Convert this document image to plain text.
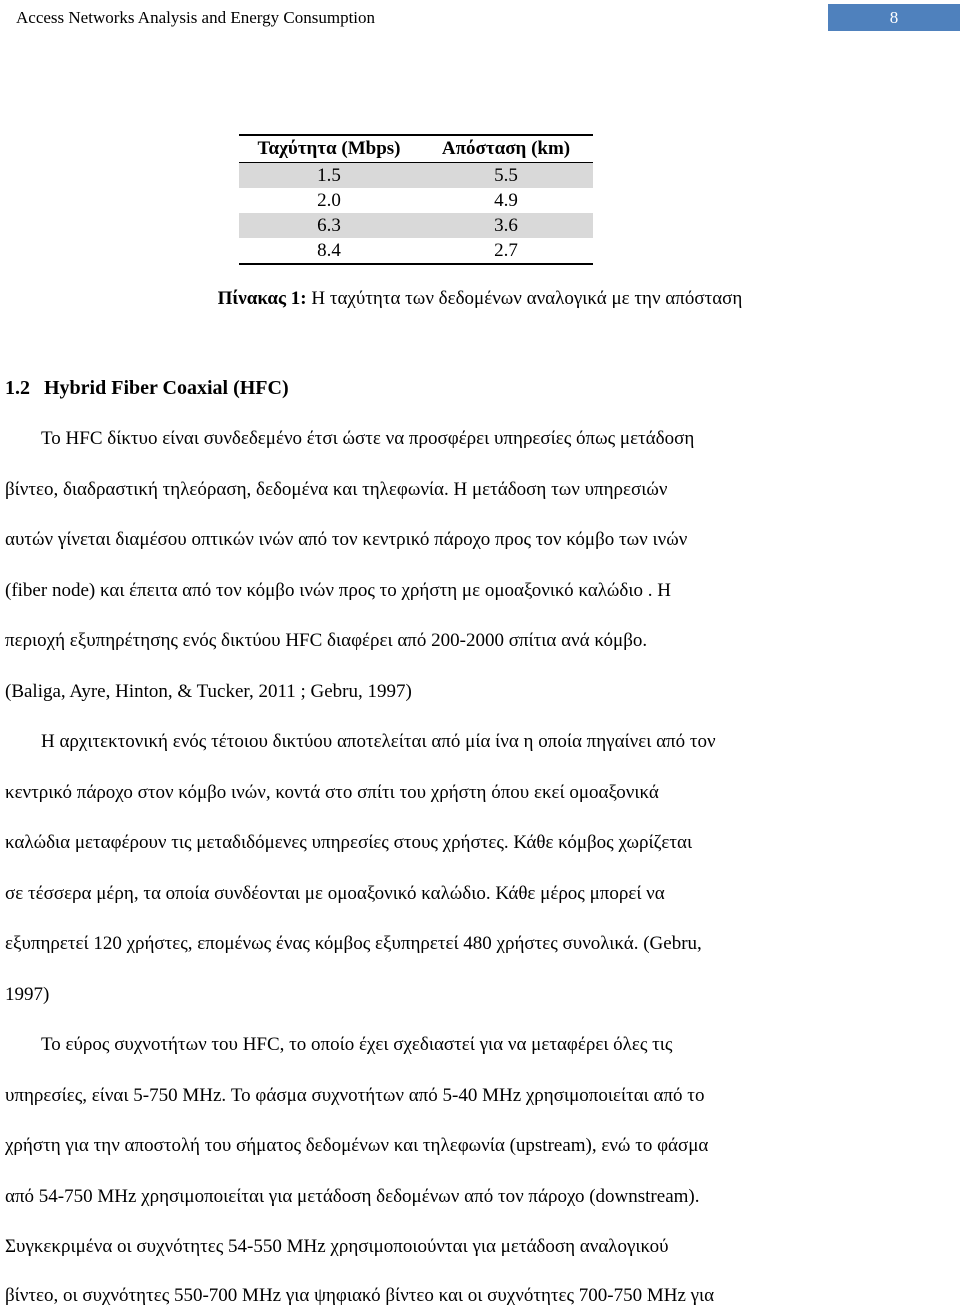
Access Networks Analysis and Energy Consumption	8
Ταχύτητα (Mbps)	Απόσταση (km)
1.5	5.5
2.0	4.9
6.3	3.6
8.4	2.7
Πίνακας 1: Η ταχύτητα των δεδομένων αναλογικά με την απόσταση
1.2 Hybrid Fiber Coaxial (HFC)
Το HFC δίκτυο είναι συνδεδεμένο έτσι ώστε να προσφέρει υπηρεσίες όπως μετάδοση
βίντεο, διαδραστική τηλεόραση, δεδομένα και τηλεφωνία. Η μετάδοση των υπηρεσιών
αυτών γίνεται διαμέσου οπτικών ινών από τον κεντρικό πάροχο προς τον κόμβο των ινών
(fiber node) και έπειτα από τον κόμβο ινών προς το χρήστη με ομοαξονικό καλώδιο . Η
περιοχή εξυπηρέτησης ενός δικτύου HFC διαφέρει από 200-2000 σπίτια ανά κόμβο.
(Baliga, Ayre, Hinton, & Tucker, 2011 ; Gebru, 1997)
Η αρχιτεκτονική ενός τέτοιου δικτύου αποτελείται από μία ίνα η οποία πηγαίνει από τον
κεντρικό πάροχο στον κόμβο ινών, κοντά στο σπίτι του χρήστη όπου εκεί ομοαξονικά
καλώδια μεταφέρουν τις μεταδιδόμενες υπηρεσίες στους χρήστες. Κάθε κόμβος χωρίζεται
σε τέσσερα μέρη, τα οποία συνδέονται με ομοαξονικό καλώδιο. Κάθε μέρος μπορεί να
εξυπηρετεί 120 χρήστες, επομένως ένας κόμβος εξυπηρετεί 480 χρήστες συνολικά. (Gebru,
1997)
Το εύρος συχνοτήτων του HFC, το οποίο έχει σχεδιαστεί για να μεταφέρει όλες τις
υπηρεσίες, είναι 5-750 MHz. Το φάσμα συχνοτήτων από 5-40 MHz χρησιμοποιείται από το
χρήστη για την αποστολή του σήματος δεδομένων και τηλεφωνία (upstream), ενώ το φάσμα
από 54-750 MHz χρησιμοποιείται για μετάδοση δεδομένων από τον πάροχο (downstream).
Συγκεκριμένα οι συχνότητες 54-550 MHz χρησιμοποιούνται για μετάδοση αναλογικού
βίντεο, οι συχνότητες 550-700 MHz για ψηφιακό βίντεο και οι συχνότητες 700-750 MHz για
